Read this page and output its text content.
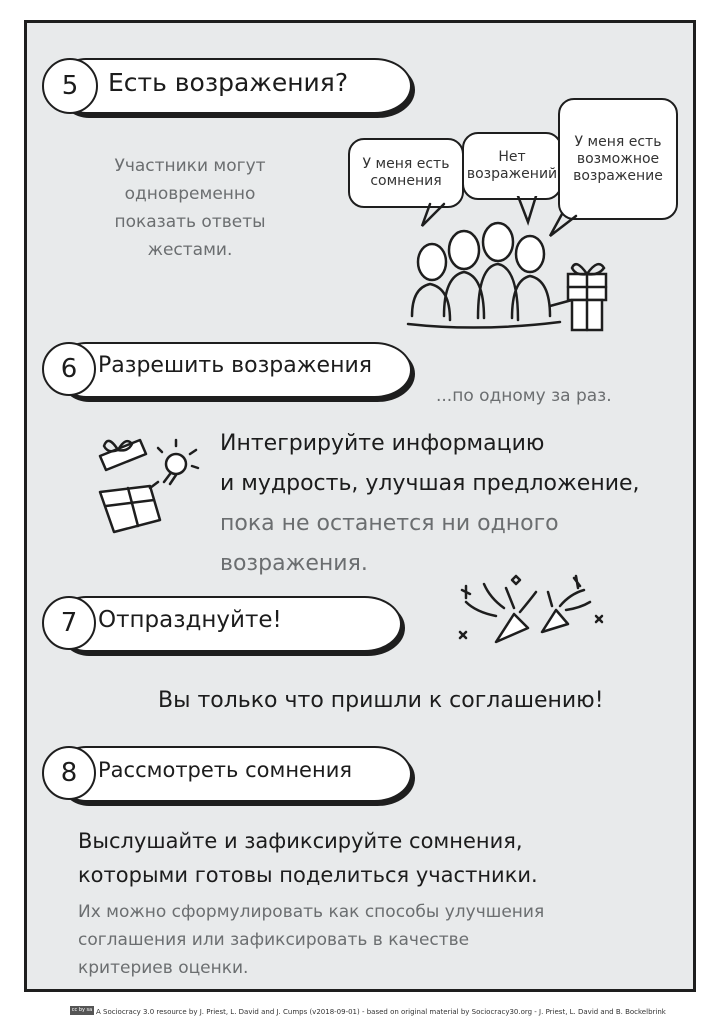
5	Есть возражения?
Участники могут
одновременно
показать ответы
жестами.
У меня есть сомнения
Нет возражений
У меня есть возможное возражение
6 Разрешить возражения
...по одному за раз.
Интегрируйте информацию
и мудрость, улучшая предложение,
пока не останется ни одного
возражения.
7 Отпразднуйте!
Вы только что пришли к соглашению!
8 Рассмотреть сомнения
Выслушайте и зафиксируйте сомнения,
которыми готовы поделиться участники.
Их можно сформулировать как способы улучшения
соглашения или зафиксировать в качестве
критериев оценки.
cc by sa A Sociocracy 3.0 resource by J. Priest, L. David and J. Cumps (v2018-09-01) - based on original material by Sociocracy30.org - J. Priest, L. David and B. Bockelbrink
